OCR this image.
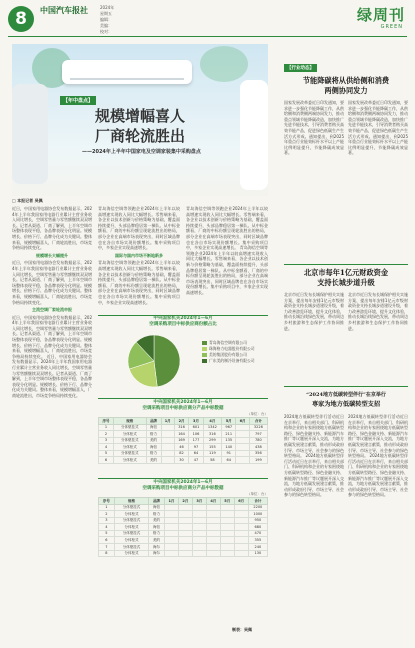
8	中国汽车报社	2024年
星期五
编辑：
美编：
校对：
绿周刊
GREEN
【年中盘点】
规模增幅喜人
厂商轮流胜出
——2024年上半年中国家电及空调家装集中采购盘点
□ 本报记者 吴佩
近日，中国家用电器协会发布数据显示，2024年上半年我国家用电器行业累计主营业务收入同比增长，空调零售量与零售额继续双双增长。记者从渠道、厂商了解到，上半年空调市场整体表现平稳，各品牌表现分化明显。规模增长、价格下行、品牌分化成为关键词。整体来看，规模增幅喜人，厂商轮流胜出，市场竞争格局持续变化。
规模增长大幅提升
近日，中国家用电器协会发布数据显示，2024年上半年我国家用电器行业累计主营业务收入同比增长，空调零售量与零售额继续双双增长。记者从渠道、厂商了解到，上半年空调市场整体表现平稳，各品牌表现分化明显。规模增长、价格下行、品牌分化成为关键词。整体来看，规模增幅喜人，厂商轮流胜出，市场竞争格局持续变化。
主流空调厂家轮流申报
近日，中国家用电器协会发布数据显示，2024年上半年我国家用电器行业累计主营业务收入同比增长，空调零售量与零售额继续双双增长。记者从渠道、厂商了解到，上半年空调市场整体表现平稳，各品牌表现分化明显。规模增长、价格下行、品牌分化成为关键词。整体来看，规模增幅喜人，厂商轮流胜出，市场竞争格局持续变化。 近日，中国家用电器协会发布数据显示，2024年上半年我国家用电器行业累计主营业务收入同比增长，空调零售量与零售额继续双双增长。记者从渠道、厂商了解到，上半年空调市场整体表现平稳，各品牌表现分化明显。规模增长、价格下行、品牌分化成为关键词。整体来看，规模增幅喜人，厂商轮流胜出，市场竞争格局持续变化。
青岛海信空调等领跑企业2024年上半年以较高增速实现收入同比大幅增长。零售端来看，各企业以技术创新与价格策略为基础，覆盖面持续提升，头部品牌稳居第一梯队。从中标金额看，厂商的中标份额呈现轮流胜出的格局，部分企业在高端市场表现突出，同时区域品牌也在各自市场实现份额增长。集中采购项目中，多家企业实现高速增长。
国际与国内市场不断地新多
青岛海信空调等领跑企业2024年上半年以较高增速实现收入同比大幅增长。零售端来看，各企业以技术创新与价格策略为基础，覆盖面持续提升，头部品牌稳居第一梯队。从中标金额看，厂商的中标份额呈现轮流胜出的格局，部分企业在高端市场表现突出，同时区域品牌也在各自市场实现份额增长。集中采购项目中，多家企业实现高速增长。
青岛海信空调等领跑企业2024年上半年以较高增速实现收入同比大幅增长。零售端来看，各企业以技术创新与价格策略为基础，覆盖面持续提升，头部品牌稳居第一梯队。从中标金额看，厂商的中标份额呈现轮流胜出的格局，部分企业在高端市场表现突出，同时区域品牌也在各自市场实现份额增长。集中采购项目中，多家企业实现高速增长。 青岛海信空调等领跑企业2024年上半年以较高增速实现收入同比大幅增长。零售端来看，各企业以技术创新与价格策略为基础，覆盖面持续提升，头部品牌稳居第一梯队。从中标金额看，厂商的中标份额呈现轮流胜出的格局，部分企业在高端市场表现突出，同时区域品牌也在各自市场实现份额增长。集中采购项目中，多家企业实现高速增长。
中央国家机关2024年1—6月
空调采购项目中标供应商份额占比
青岛海信空调有限公司
珠海格力电器股份有限公司
美的集团股份有限公司
广东美的制冷设备有限公司
中央国家机关2024年1—6月
空调采购项目中标供应商分产品中标数据
（单位：台）
序号	规格	品牌	1月	2月	3月	4月	5月	6月	合计
1	分体壁挂式	海信		316	601	1342	967		3226
2	分体柜式	格力		164	106	316	211		797
3	分体壁挂式	美的		169	177	299	135		780
4	分体柜式	海信		46	97	155	140		438
5	分体壁挂式	格力		82	64	119	91		356
6	分体柜式	美的		30	47	58	64		199
中央国家机关2024年1—6月
空调采购项目中标供应商分产品中标数据
（单位：台）
序号	规格	品牌	1月	2月	3月	4月	5月	6月	合计
1	分体壁挂式	海信							2200
2	分体柜式	格力							1000
3	分体壁挂式	美的							950
4	分体柜式	海信							680
5	分体壁挂式	格力							470
6	分体柜式	美的							355
7	分体壁挂式	海尔							240
8	分体柜式	海尔							130
制表：吴佩
【行业动态】
节能降碳将从供给侧和消费
两侧协同发力
国家发展改革委近日印发通知，要求进一步强化节能降碳工作，从供给侧和消费侧两端协同发力，推动重点领域节能降碳改造，加快推广先进节能技术，引导消费者购买高效节能产品，促进绿色低碳生产生活方式形成。通知提出，到2025年重点行业能效标杆水平以上产能比例明显提升，节能降碳成效显著。
国家发展改革委近日印发通知，要求进一步强化节能降碳工作，从供给侧和消费侧两端协同发力，推动重点领域节能降碳改造，加快推广先进节能技术，引导消费者购买高效节能产品，促进绿色低碳生产生活方式形成。通知提出，到2025年重点行业能效标杆水平以上产能比例明显提升，节能降碳成效显著。
北京市每年1亿元财政资金
支持长城步道升级
北京市近日发布长城保护相关实施方案，提出每年安排1亿元市级财政资金支持长城步道建设升级，着力改善游览环境，提升文化体验，推动长城沿线绿色发展，带动周边乡村旅游和生态保护工作协同推进。
北京市近日发布长城保护相关实施方案，提出每年安排1亿元市级财政资金支持长城步道建设升级，着力改善游览环境，提升文化体验，推动长城沿线绿色发展，带动周边乡村旅游和生态保护工作协同推进。
“2024地方低碳转型伴行”在京举行
専家为地方低碳转型支招
2024地方低碳转型伴行活动近日在京举行，来自相关部门、科研机构和企业的专家围绕地方低碳转型路径、绿色金融支持、新能源汽车推广等议题展开深入交流，为地方低碳发展建言献策，推动形成政府引导、市场主导、社会参与的绿色转型格局。 2024地方低碳转型伴行活动近日在京举行，来自相关部门、科研机构和企业的专家围绕地方低碳转型路径、绿色金融支持、新能源汽车推广等议题展开深入交流，为地方低碳发展建言献策，推动形成政府引导、市场主导、社会参与的绿色转型格局。
2024地方低碳转型伴行活动近日在京举行，来自相关部门、科研机构和企业的专家围绕地方低碳转型路径、绿色金融支持、新能源汽车推广等议题展开深入交流，为地方低碳发展建言献策，推动形成政府引导、市场主导、社会参与的绿色转型格局。 2024地方低碳转型伴行活动近日在京举行，来自相关部门、科研机构和企业的专家围绕地方低碳转型路径、绿色金融支持、新能源汽车推广等议题展开深入交流，为地方低碳发展建言献策，推动形成政府引导、市场主导、社会参与的绿色转型格局。
